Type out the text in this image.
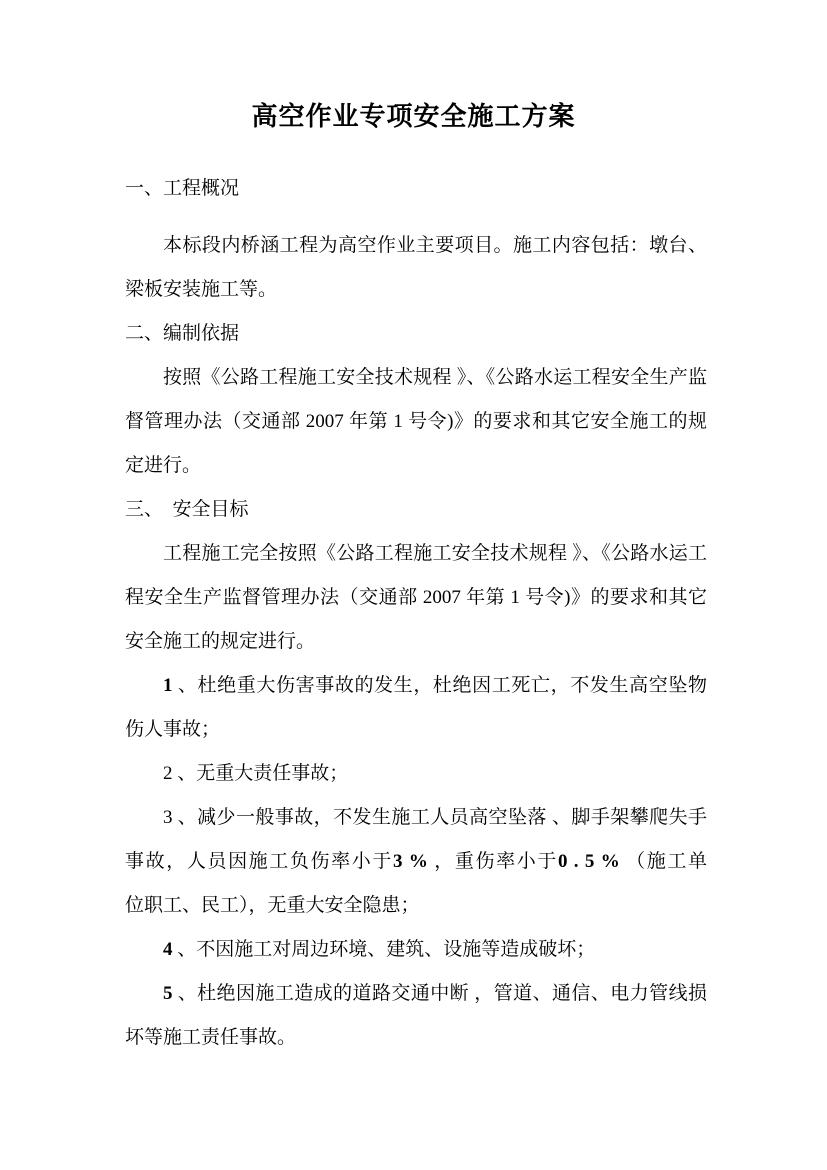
高空作业专项安全施工方案
一、工程概况
本标段内桥涵工程为高空作业主要项目。施工内容包括：墩台、
梁板安装施工等。
二、编制依据
按照《公路工程施工安全技术规程 》、《公路水运工程安全生产监
督管理办法（交通部 2007 年第 1 号令)》的要求和其它安全施工的规
定进行。
三、　安全目标
工程施工完全按照《公路工程施工安全技术规程 》、《公路水运工
程安全生产监督管理办法（交通部 2007 年第 1 号令)》的要求和其它
安全施工的规定进行。
1 、杜绝重大伤害事故的发生，杜绝因工死亡，不发生高空坠物
伤人事故；
2 、无重大责任事故；
3 、减少一般事故，不发生施工人员高空坠落 、脚手架攀爬失手
事故，人员因施工负伤率小于3 % ，重伤率小于0 . 5 % （施工单
位职工、民工），无重大安全隐患；
4 、不因施工对周边环境、建筑、设施等造成破坏；
5 、杜绝因施工造成的道路交通中断 ，管道、通信、电力管线损
坏等施工责任事故。
